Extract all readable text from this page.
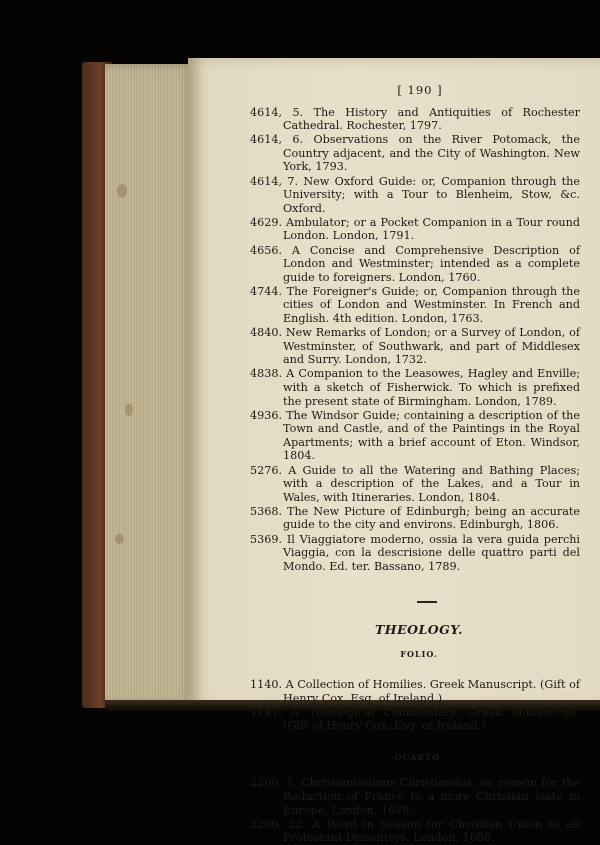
[ 190 ]

4614, 5. The History and Antiquities of Rochester Cathedral. Rochester, 1797.

4614, 6. Observations on the River Potomack, the Country adjacent, and the City of Washington. New York, 1793.

4614, 7. New Oxford Guide: or, Companion through the University; with a Tour to Blenheim, Stow, &c. Oxford.

4629. Ambulator; or a Pocket Companion in a Tour round London. London, 1791.

4656. A Concise and Comprehensive Description of London and Westminster; intended as a complete guide to foreigners. London, 1760.

4744. The Foreigner's Guide; or, Companion through the cities of London and Westminster. In French and English. 4th edition. London, 1763.

4840. New Remarks of London; or a Survey of London, of Westminster, of Southwark, and part of Middlesex and Surry. London, 1732.

4838. A Companion to the Leasowes, Hagley and Enville; with a sketch of Fisherwick. To which is prefixed the present state of Birmingham. London, 1789.

4936. The Windsor Guide; containing a description of the Town and Castle, and of the Paintings in the Royal Apartments; with a brief account of Eton. Windsor, 1804.

5276. A Guide to all the Watering and Bathing Places; with a description of the Lakes, and a Tour in Wales, with Itineraries. London, 1804.

5368. The New Picture of Edinburgh; being an accurate guide to the city and environs. Edinburgh, 1806.

5369. Il Viaggiatore moderno, ossia la vera guida perchi Viaggia, con la descrisione delle quattro parti del Mondo. Ed. ter. Bassano, 1789.

THEOLOGY.
FOLIO.

1140. A Collection of Homilies. Greek Manuscript. (Gift of Henry Cox, Esq. of Ireland.)

1141. A Theological Commentary. Greek Manuscript. (Gift of Henry Cox, Esq. of Ireland.)

QUARTO.

2200, 1. Christianissimus Christiandus; or, reason for the Reduction of France to a more Christian state in Europe. London, 1678.

2200, 22. A Word in Season for Christian Union to all Protestant Dissenters. London, 1680.
